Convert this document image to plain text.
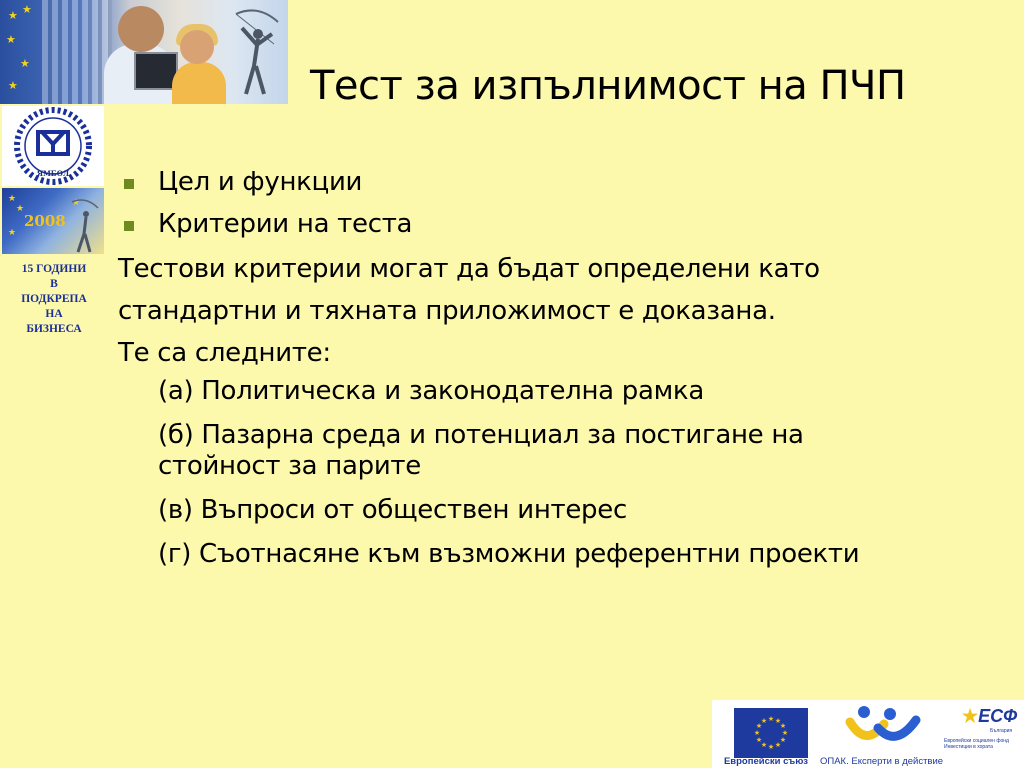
★ ★
★
★
★	Тест за изпълнимост на ПЧП
ЯМБОЛ
★
★
★
★
2008
15 ГОДИНИ
В
ПОДКРЕПА
НА
БИЗНЕСА
Цел и функции
Критерии на теста
Тестови критерии могат да бъдат определени като
стандартни и тяхната приложимост е доказана.
Те са следните:
(а) Политическа и законодателна рамка
(б) Пазарна среда и потенциал за постигане на
стойност за парите
(в) Въпроси от обществен интерес
(г) Съотнасяне към възможни референтни проекти
★ ★
★
★
★
★
★
★
★
★
★
★
Европейски съюз	ОПАК. Експерти в действие
★ЕСФ
България
Европейски социален фонд
Инвестиции в хората
